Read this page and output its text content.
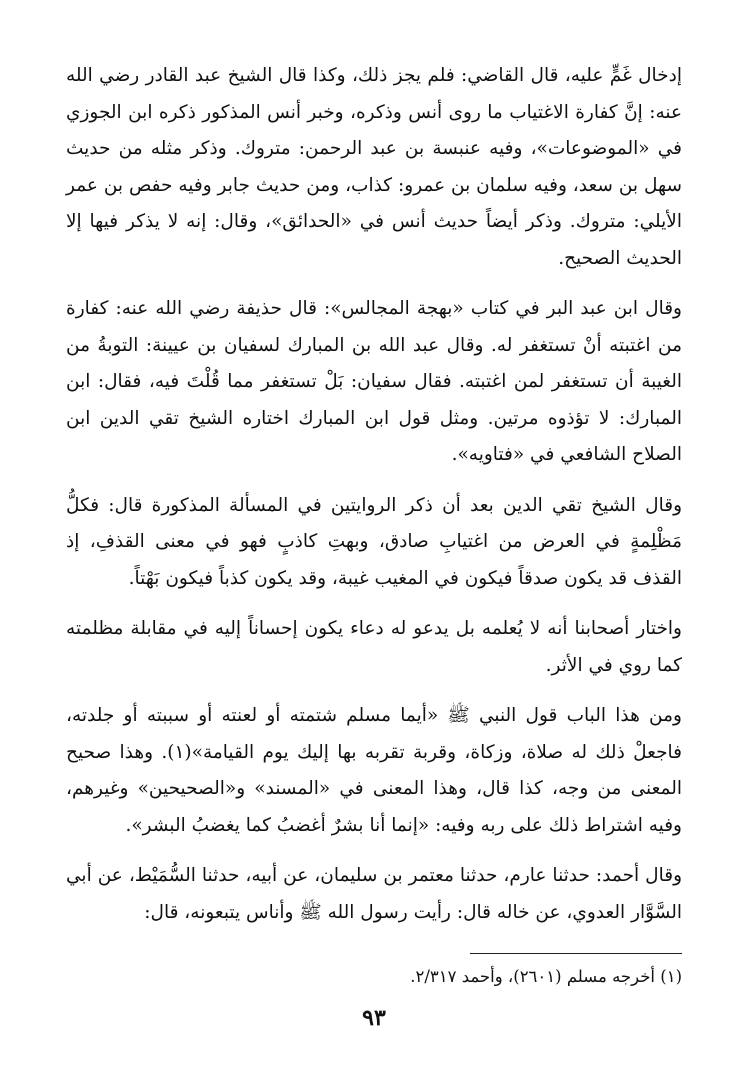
إدخال غَمٍّ عليه، قال القاضي: فلم يجز ذلك، وكذا قال الشيخ عبد القادر رضي الله عنه: إنَّ كفارة الاغتياب ما روى أنس وذكره، وخبر أنس المذكور ذكره ابن الجوزي في «الموضوعات»، وفيه عنبسة بن عبد الرحمن: متروك. وذكر مثله من حديث سهل بن سعد، وفيه سلمان بن عمرو: كذاب، ومن حديث جابر وفيه حفص بن عمر الأيلي: متروك. وذكر أيضاً حديث أنس في «الحدائق»، وقال: إنه لا يذكر فيها إلا الحديث الصحيح.

وقال ابن عبد البر في كتاب «بهجة المجالس»: قال حذيفة رضي الله عنه: كفارة من اغتبته أنْ تستغفر له. وقال عبد الله بن المبارك لسفيان بن عيينة: التوبةُ من الغيبة أن تستغفر لمن اغتبته. فقال سفيان: بَلْ تستغفر مما قُلْتَ فيه، فقال: ابن المبارك: لا تؤذوه مرتين. ومثل قول ابن المبارك اختاره الشيخ تقي الدين ابن الصلاح الشافعي في «فتاويه».

وقال الشيخ تقي الدين بعد أن ذكر الروايتين في المسألة المذكورة قال: فكلُّ مَظْلِمةٍ في العرض من اغتيابِ صادق، وبهتِ كاذبٍ فهو في معنى القذفِ، إذ القذف قد يكون صدقاً فيكون في المغيب غيبة، وقد يكون كذباً فيكون بَهْتاً.

واختار أصحابنا أنه لا يُعلمه بل يدعو له دعاء يكون إحساناً إليه في مقابلة مظلمته كما روي في الأثر.

ومن هذا الباب قول النبي ﷺ «أيما مسلم شتمته أو لعنته أو سببته أو جلدته، فاجعلْ ذلك له صلاة، وزكاة، وقربة تقربه بها إليك يوم القيامة»(١). وهذا صحيح المعنى من وجه، كذا قال، وهذا المعنى في «المسند» و«الصحيحين» وغيرهم، وفيه اشتراط ذلك على ربه وفيه: «إنما أنا بشرٌ أغضبُ كما يغضبُ البشر».

وقال أحمد: حدثنا عارم، حدثنا معتمر بن سليمان، عن أبيه، حدثنا السُّمَيْط، عن أبي السَّوَّار العدوي، عن خاله قال: رأيت رسول الله ﷺ وأناس يتبعونه، قال:

(١) أخرجه مسلم (٢٦٠١)، وأحمد ٢/٣١٧.
٩٣
